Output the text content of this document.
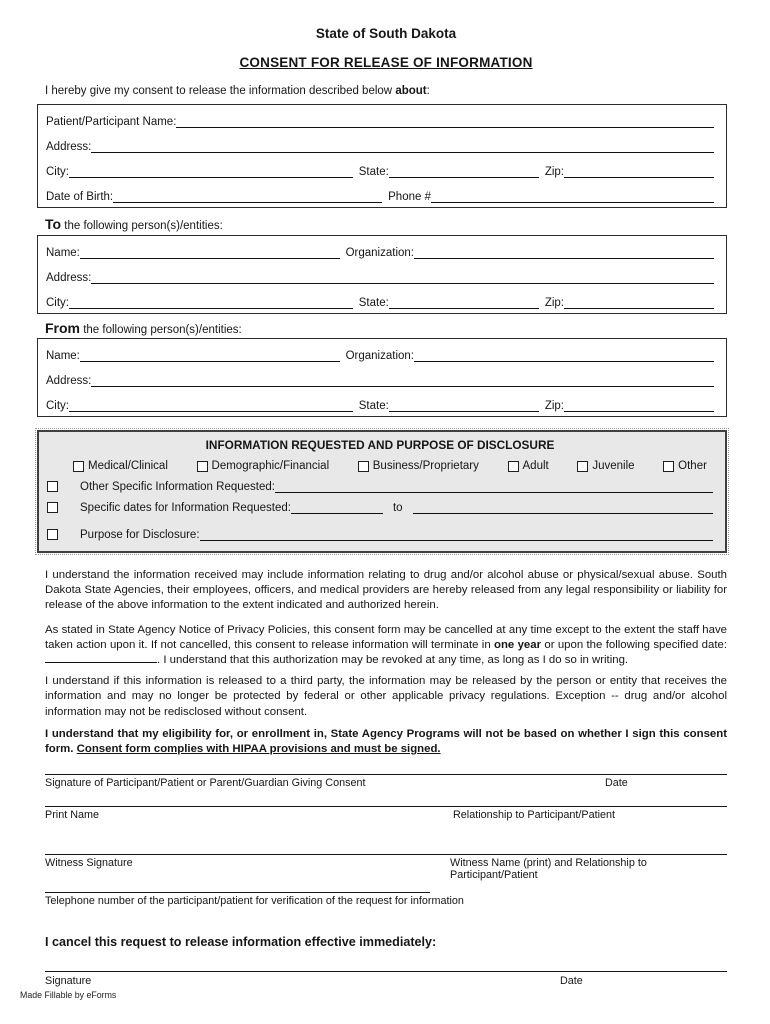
State of South Dakota
CONSENT FOR RELEASE OF INFORMATION
I hereby give my consent to release the information described below about:
Patient/Participant Name:
Address:
City:	State:	Zip:
Date of Birth:	Phone #
To the following person(s)/entities:
Name:	Organization:
Address:
City:	State:	Zip:
From the following person(s)/entities:
Name:	Organization:
Address:
City:	State:	Zip:
INFORMATION REQUESTED AND PURPOSE OF DISCLOSURE
Medical/Clinical	Demographic/Financial	Business/Proprietary	Adult	Juvenile	Other
Other Specific Information Requested:
Specific dates for Information Requested:	to
Purpose for Disclosure:
I understand the information received may include information relating to drug and/or alcohol abuse or physical/sexual abuse. South Dakota State Agencies, their employees, officers, and medical providers are hereby released from any legal responsibility or liability for release of the above information to the extent indicated and authorized herein.
As stated in State Agency Notice of Privacy Policies, this consent form may be cancelled at any time except to the extent the staff have taken action upon it. If not cancelled, this consent to release information will terminate in one year or upon the following specified date:. I understand that this authorization may be revoked at any time, as long as I do so in writing.
I understand if this information is released to a third party, the information may be released by the person or entity that receives the information and may no longer be protected by federal or other applicable privacy regulations. Exception -- drug and/or alcohol information may not be redisclosed without consent.
I understand that my eligibility for, or enrollment in, State Agency Programs will not be based on whether I sign this consent form. Consent form complies with HIPAA provisions and must be signed.
Signature of Participant/Patient or Parent/Guardian Giving Consent	Date
Print Name	Relationship to Participant/Patient
Witness Signature	Witness Name (print) and Relationship to Participant/Patient
Telephone number of the participant/patient for verification of the request for information
I cancel this request to release information effective immediately:
Signature	Date
Made Fillable by eForms
